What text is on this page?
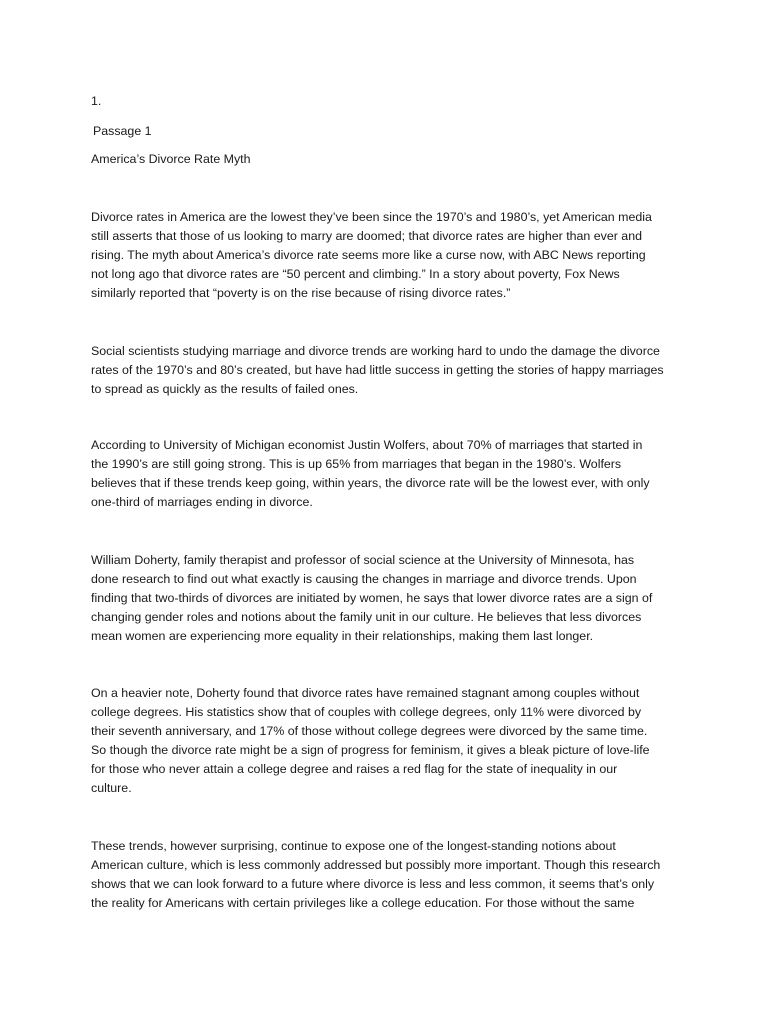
1.
Passage 1
America’s Divorce Rate Myth
Divorce rates in America are the lowest they’ve been since the 1970’s and 1980’s, yet American media
still asserts that those of us looking to marry are doomed; that divorce rates are higher than ever and
rising. The myth about America’s divorce rate seems more like a curse now, with ABC News reporting
not long ago that divorce rates are “50 percent and climbing.” In a story about poverty, Fox News
similarly reported that “poverty is on the rise because of rising divorce rates.”
Social scientists studying marriage and divorce trends are working hard to undo the damage the divorce
rates of the 1970’s and 80’s created, but have had little success in getting the stories of happy marriages
to spread as quickly as the results of failed ones.
According to University of Michigan economist Justin Wolfers, about 70% of marriages that started in
the 1990’s are still going strong. This is up 65% from marriages that began in the 1980’s. Wolfers
believes that if these trends keep going, within years, the divorce rate will be the lowest ever, with only
one-third of marriages ending in divorce.
William Doherty, family therapist and professor of social science at the University of Minnesota, has
done research to find out what exactly is causing the changes in marriage and divorce trends. Upon
finding that two-thirds of divorces are initiated by women, he says that lower divorce rates are a sign of
changing gender roles and notions about the family unit in our culture. He believes that less divorces
mean women are experiencing more equality in their relationships, making them last longer.
On a heavier note, Doherty found that divorce rates have remained stagnant among couples without
college degrees. His statistics show that of couples with college degrees, only 11% were divorced by
their seventh anniversary, and 17% of those without college degrees were divorced by the same time.
So though the divorce rate might be a sign of progress for feminism, it gives a bleak picture of love-life
for those who never attain a college degree and raises a red flag for the state of inequality in our
culture.
These trends, however surprising, continue to expose one of the longest-standing notions about
American culture, which is less commonly addressed but possibly more important. Though this research
shows that we can look forward to a future where divorce is less and less common, it seems that’s only
the reality for Americans with certain privileges like a college education. For those without the same
